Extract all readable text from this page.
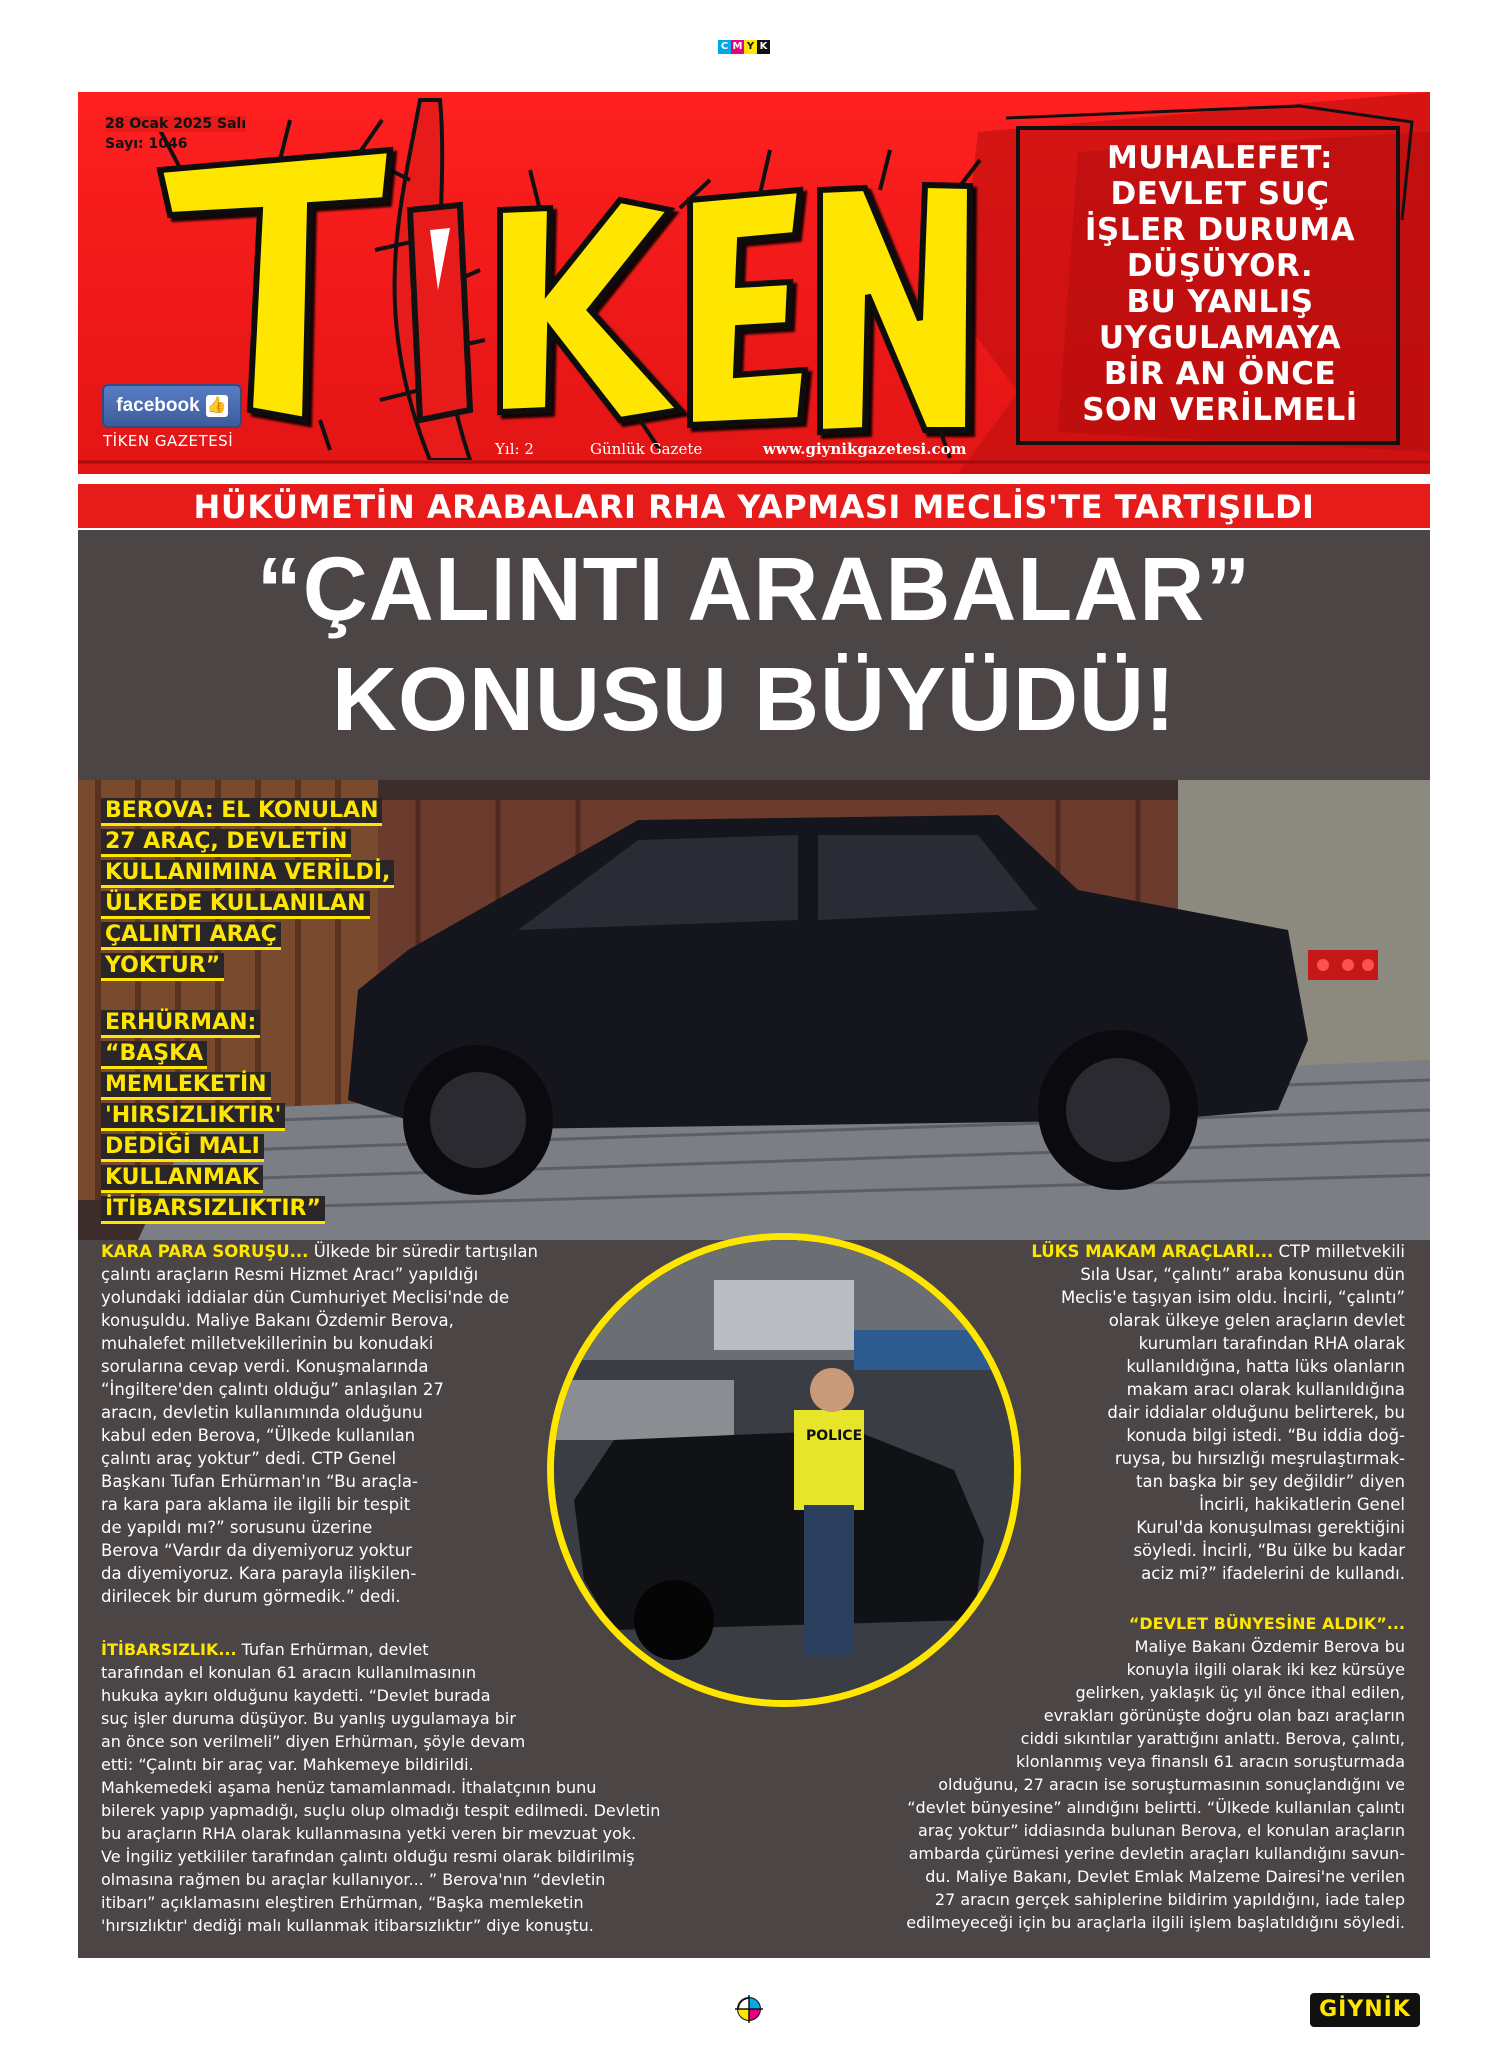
C M Y K
28 Ocak 2025 Salı
Sayı: 1046
facebook 👍
TİKEN GAZETESİ	Yıl: 2	Günlük Gazete	www.giynikgazetesi.com
MUHALEFET:
DEVLET SUÇ
İŞLER DURUMA
DÜŞÜYOR.
BU YANLIŞ
UYGULAMAYA
BİR AN ÖNCE
SON VERİLMELİ
HÜKÜMETİN ARABALARI RHA YAPMASI MECLİS'TE TARTIŞILDI
“ÇALINTI ARABALAR”
KONUSU BÜYÜDÜ!
BEROVA: EL KONULAN
27 ARAÇ, DEVLETİN
KULLANIMINA VERİLDİ,
ÜLKEDE KULLANILAN
ÇALINTI ARAÇ
YOKTUR”
ERHÜRMAN:
“BAŞKA
MEMLEKETİN
'HIRSIZLIKTIR'
DEDİĞİ MALI
KULLANMAK
İTİBARSIZLIKTIR”
POLICE
KARA PARA SORUŞU... Ülkede bir süredir tartışılan
çalıntı araçların Resmi Hizmet Aracı” yapıldığı
yolundaki iddialar dün Cumhuriyet Meclisi'nde de
konuşuldu. Maliye Bakanı Özdemir Berova,
muhalefet milletvekillerinin bu konudaki
sorularına cevap verdi. Konuşmalarında
“İngiltere'den çalıntı olduğu” anlaşılan 27
aracın, devletin kullanımında olduğunu
kabul eden Berova, “Ülkede kullanılan
çalıntı araç yoktur” dedi. CTP Genel
Başkanı Tufan Erhürman'ın “Bu araçla-
ra kara para aklama ile ilgili bir tespit
de yapıldı mı?” sorusunu üzerine
Berova “Vardır da diyemiyoruz yoktur
da diyemiyoruz. Kara parayla ilişkilen-
dirilecek bir durum görmedik.” dedi.
İTİBARSIZLIK... Tufan Erhürman, devlet
tarafından el konulan 61 aracın kullanılmasının
hukuka aykırı olduğunu kaydetti. “Devlet burada
suç işler duruma düşüyor. Bu yanlış uygulamaya bir
an önce son verilmeli” diyen Erhürman, şöyle devam
etti: “Çalıntı bir araç var. Mahkemeye bildirildi.
Mahkemedeki aşama henüz tamamlanmadı. İthalatçının bunu
bilerek yapıp yapmadığı, suçlu olup olmadığı tespit edilmedi. Devletin
bu araçların RHA olarak kullanmasına yetki veren bir mevzuat yok.
Ve İngiliz yetkililer tarafından çalıntı olduğu resmi olarak bildirilmiş
olmasına rağmen bu araçlar kullanıyor... ” Berova'nın “devletin
itibarı” açıklamasını eleştiren Erhürman, “Başka memleketin
'hırsızlıktır' dediği malı kullanmak itibarsızlıktır” diye konuştu.
LÜKS MAKAM ARAÇLARI... CTP milletvekili
Sıla Usar, “çalıntı” araba konusunu dün
Meclis'e taşıyan isim oldu. İncirli, “çalıntı”
olarak ülkeye gelen araçların devlet
kurumları tarafından RHA olarak
kullanıldığına, hatta lüks olanların
makam aracı olarak kullanıldığına
dair iddialar olduğunu belirterek, bu
konuda bilgi istedi. “Bu iddia doğ-
ruysa, bu hırsızlığı meşrulaştırmak-
tan başka bir şey değildir” diyen
İncirli, hakikatlerin Genel
Kurul'da konuşulması gerektiğini
söyledi. İncirli, “Bu ülke bu kadar
aciz mi?” ifadelerini de kullandı.
“DEVLET BÜNYESİNE ALDIK”...
Maliye Bakanı Özdemir Berova bu
konuyla ilgili olarak iki kez kürsüye
gelirken, yaklaşık üç yıl önce ithal edilen,
evrakları görünüşte doğru olan bazı araçların
ciddi sıkıntılar yarattığını anlattı. Berova, çalıntı,
klonlanmış veya finanslı 61 aracın soruşturmada
olduğunu, 27 aracın ise soruşturmasının sonuçlandığını ve
“devlet bünyesine” alındığını belirtti. “Ülkede kullanılan çalıntı
araç yoktur” iddiasında bulunan Berova, el konulan araçların
ambarda çürümesi yerine devletin araçları kullandığını savun-
du. Maliye Bakanı, Devlet Emlak Malzeme Dairesi'ne verilen
27 aracın gerçek sahiplerine bildirim yapıldığını, iade talep
edilmeyeceği için bu araçlarla ilgili işlem başlatıldığını söyledi.
GİYNİK
